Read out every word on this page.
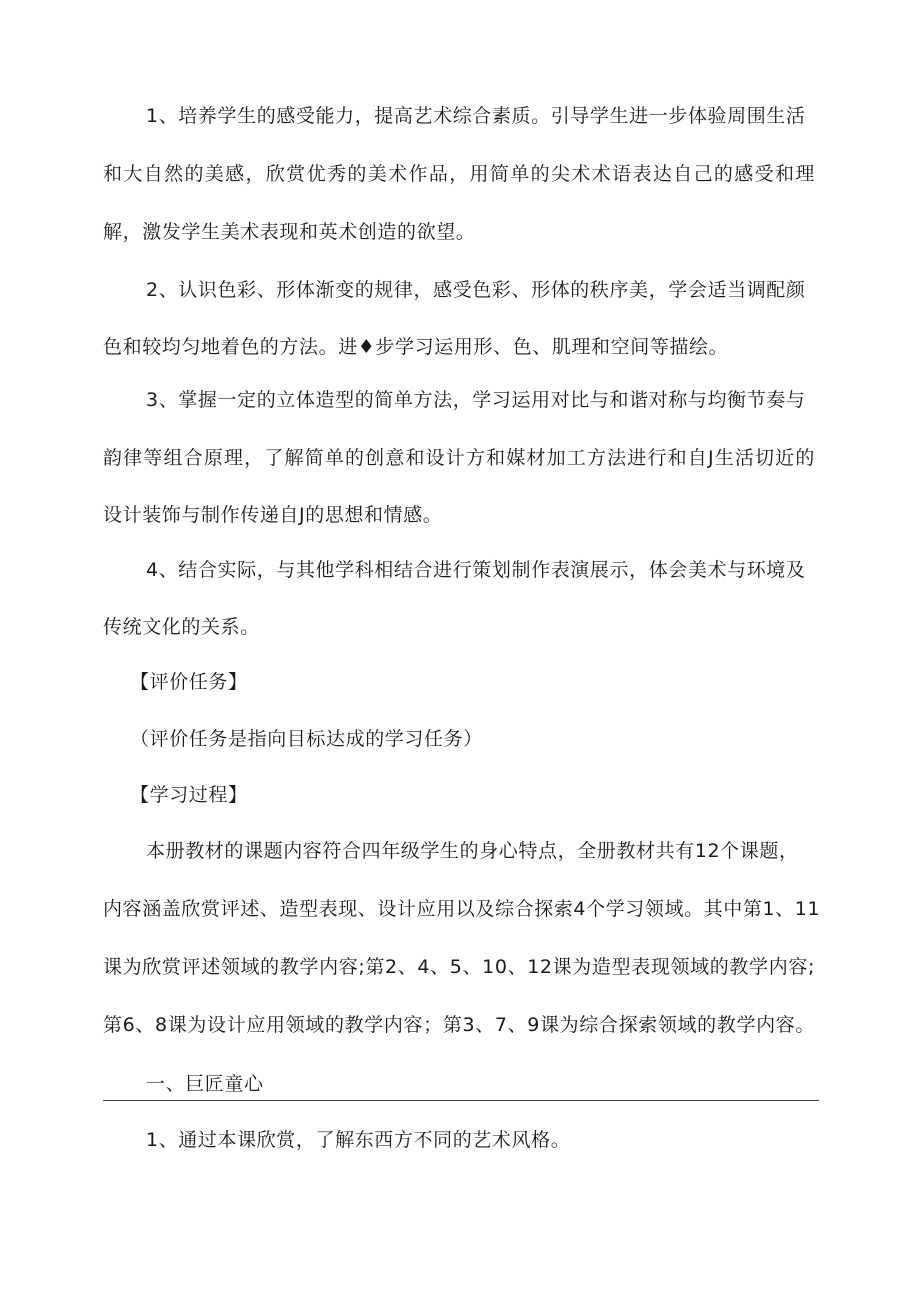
1、培养学生的感受能力，提高艺术综合素质。引导学生进一步体验周围生活
和大自然的美感，欣赏优秀的美术作品，用简单的尖术术语表达自己的感受和理
解，激发学生美术表现和英术创造的欲望。
2、认识色彩、形体渐变的规律，感受色彩、形体的秩序美，学会适当调配颜
色和较均匀地着色的方法。进♦步学习运用形、色、肌理和空间等描绘。
3、掌握一定的立体造型的简单方法，学习运用对比与和谐对称与均衡节奏与
韵律等组合原理，了解简单的创意和设计方和媒材加工方法进行和自J生活切近的
设计装饰与制作传递自J的思想和情感。
4、结合实际，与其他学科相结合进行策划制作表演展示，体会美术与环境及
传统文化的关系。
【评价任务】
（评价任务是指向目标达成的学习任务）
【学习过程】
本册教材的课题内容符合四年级学生的身心特点，全册教材共有12个课题，
内容涵盖欣赏评述、造型表现、设计应用以及综合探索4个学习领域。其中第1、11
课为欣赏评述领域的教学内容;第2、4、5、10、12课为造型表现领域的教学内容;
第6、8课为设计应用领域的教学内容；第3、7、9课为综合探索领域的教学内容。
一、巨匠童心
1、通过本课欣赏，了解东西方不同的艺术风格。
